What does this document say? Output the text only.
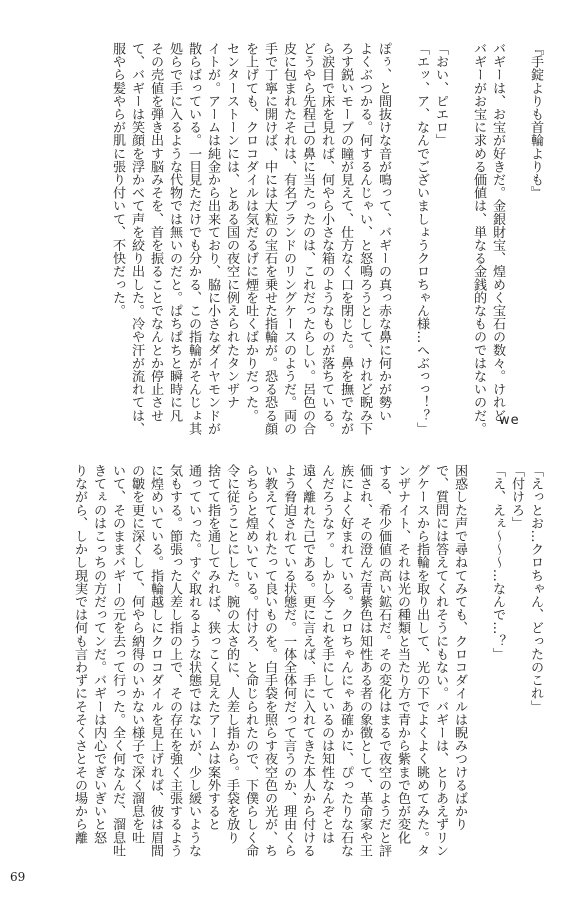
『手錠よりも首輪よりも』
バギーは、お宝が好きだ。金銀財宝、煌めく宝石の数々。けれど
バギーがお宝に求める価値は、単なる金銭的なものではないのだ。
「おい、ピエロ」
「エッ、ア、なんでございましょうクロちゃん様…へぶっっ！？」
ぽぅ、と間抜けな音が鳴って、バギーの真っ赤な鼻に何かが勢い
よくぶつかる。何するんじゃい、と怒鳴ろうとして、けれど睨み下
ろす鋭いモーブの瞳が見えて、仕方なく口を閉じた。鼻を撫でなが
ら涙目で床を見れば、何やら小さな箱のようなものが落ちている。
どうやら先程己の鼻に当たったのは、これだったらしい。呂色の合
皮に包まれたそれは、有名ブランドのリングケースのようだ。両の
手で丁寧に開けば、中には大粒の宝石を乗せた指輪が。恐る恐る顔
を上げても、クロコダイルは気だるげに煙を吐くばかりだった。
センターストーンには、とある国の夜空に例えられたタンザナ
イトが。アームは純金から出来ており、脇に小さなダイヤモンドが
散らばっている。一目見ただけでも分かる、この指輪がそんじょ其
処らで手に入るような代物では無いのだと。ぱちぱちと瞬時に凡
その売値を弾き出す脳みそを、首を振ることでなんとか停止させ
て、バギーは笑顔を浮かべて声を絞り出した。冷や汗が流れては、
服やら髪やらが肌に張り付いて、不快だった。
we
「えっとお…クロちゃん、どったのこれ」
「付けろ」
「え、えぇ〜〜〜…なんで…？」
困惑した声で尋ねてみても、クロコダイルは睨みつけるばかり
で、質問には答えてくれそうにもない。バギーは、とりあえずリン
グケースから指輪を取り出して、光の下でよくよく眺めてみた。タ
ンザナイト、それは光の種類と当たり方で青から紫まで色が変化
する、希少価値の高い鉱石だ。その変化はまるで夜空のようだと評
価され、その澄んだ青紫色は知性ある者の象徴として、革命家や王
族によく好まれている。クロちゃんにゃあ確かに、ぴったりな石な
んだろうなァ。しかし今これを手にしているのは知性なんぞとは
遠く離れた己である。更に言えば、手に入れてきた本人から付ける
よう脅迫されている状態だ。一体全体何だって言うのか、理由くら
い教えてくれたって良いものを。白手袋を照らす夜空色の光が、ち
らちらと煌めいている。付けろ、と命じられたので、下僕らしく命
令に従うことにした。腕の太さ的に、人差し指から。手袋を放り
捨てて指を通してみれば、狭っこく見えたアームは案外すると
通っていった。すぐ取れるような状態ではないが、少し緩いような
気もする。節張った人差し指の上で、その存在を強く主張するよう
に煌めいている。指輪越しにクロコダイルを見上げれば、彼は眉間
の皺を更に深くして、何やら納得のいかない様子で深く溜息を吐
いて、そのままバギーの元を去って行った。全く何なんだ、溜息吐
きてぇのはこっちの方だってンだ。バギーは内心でぎいぎいと怒
りながら、しかし現実では何も言わずにそそくさとその場から離
69
